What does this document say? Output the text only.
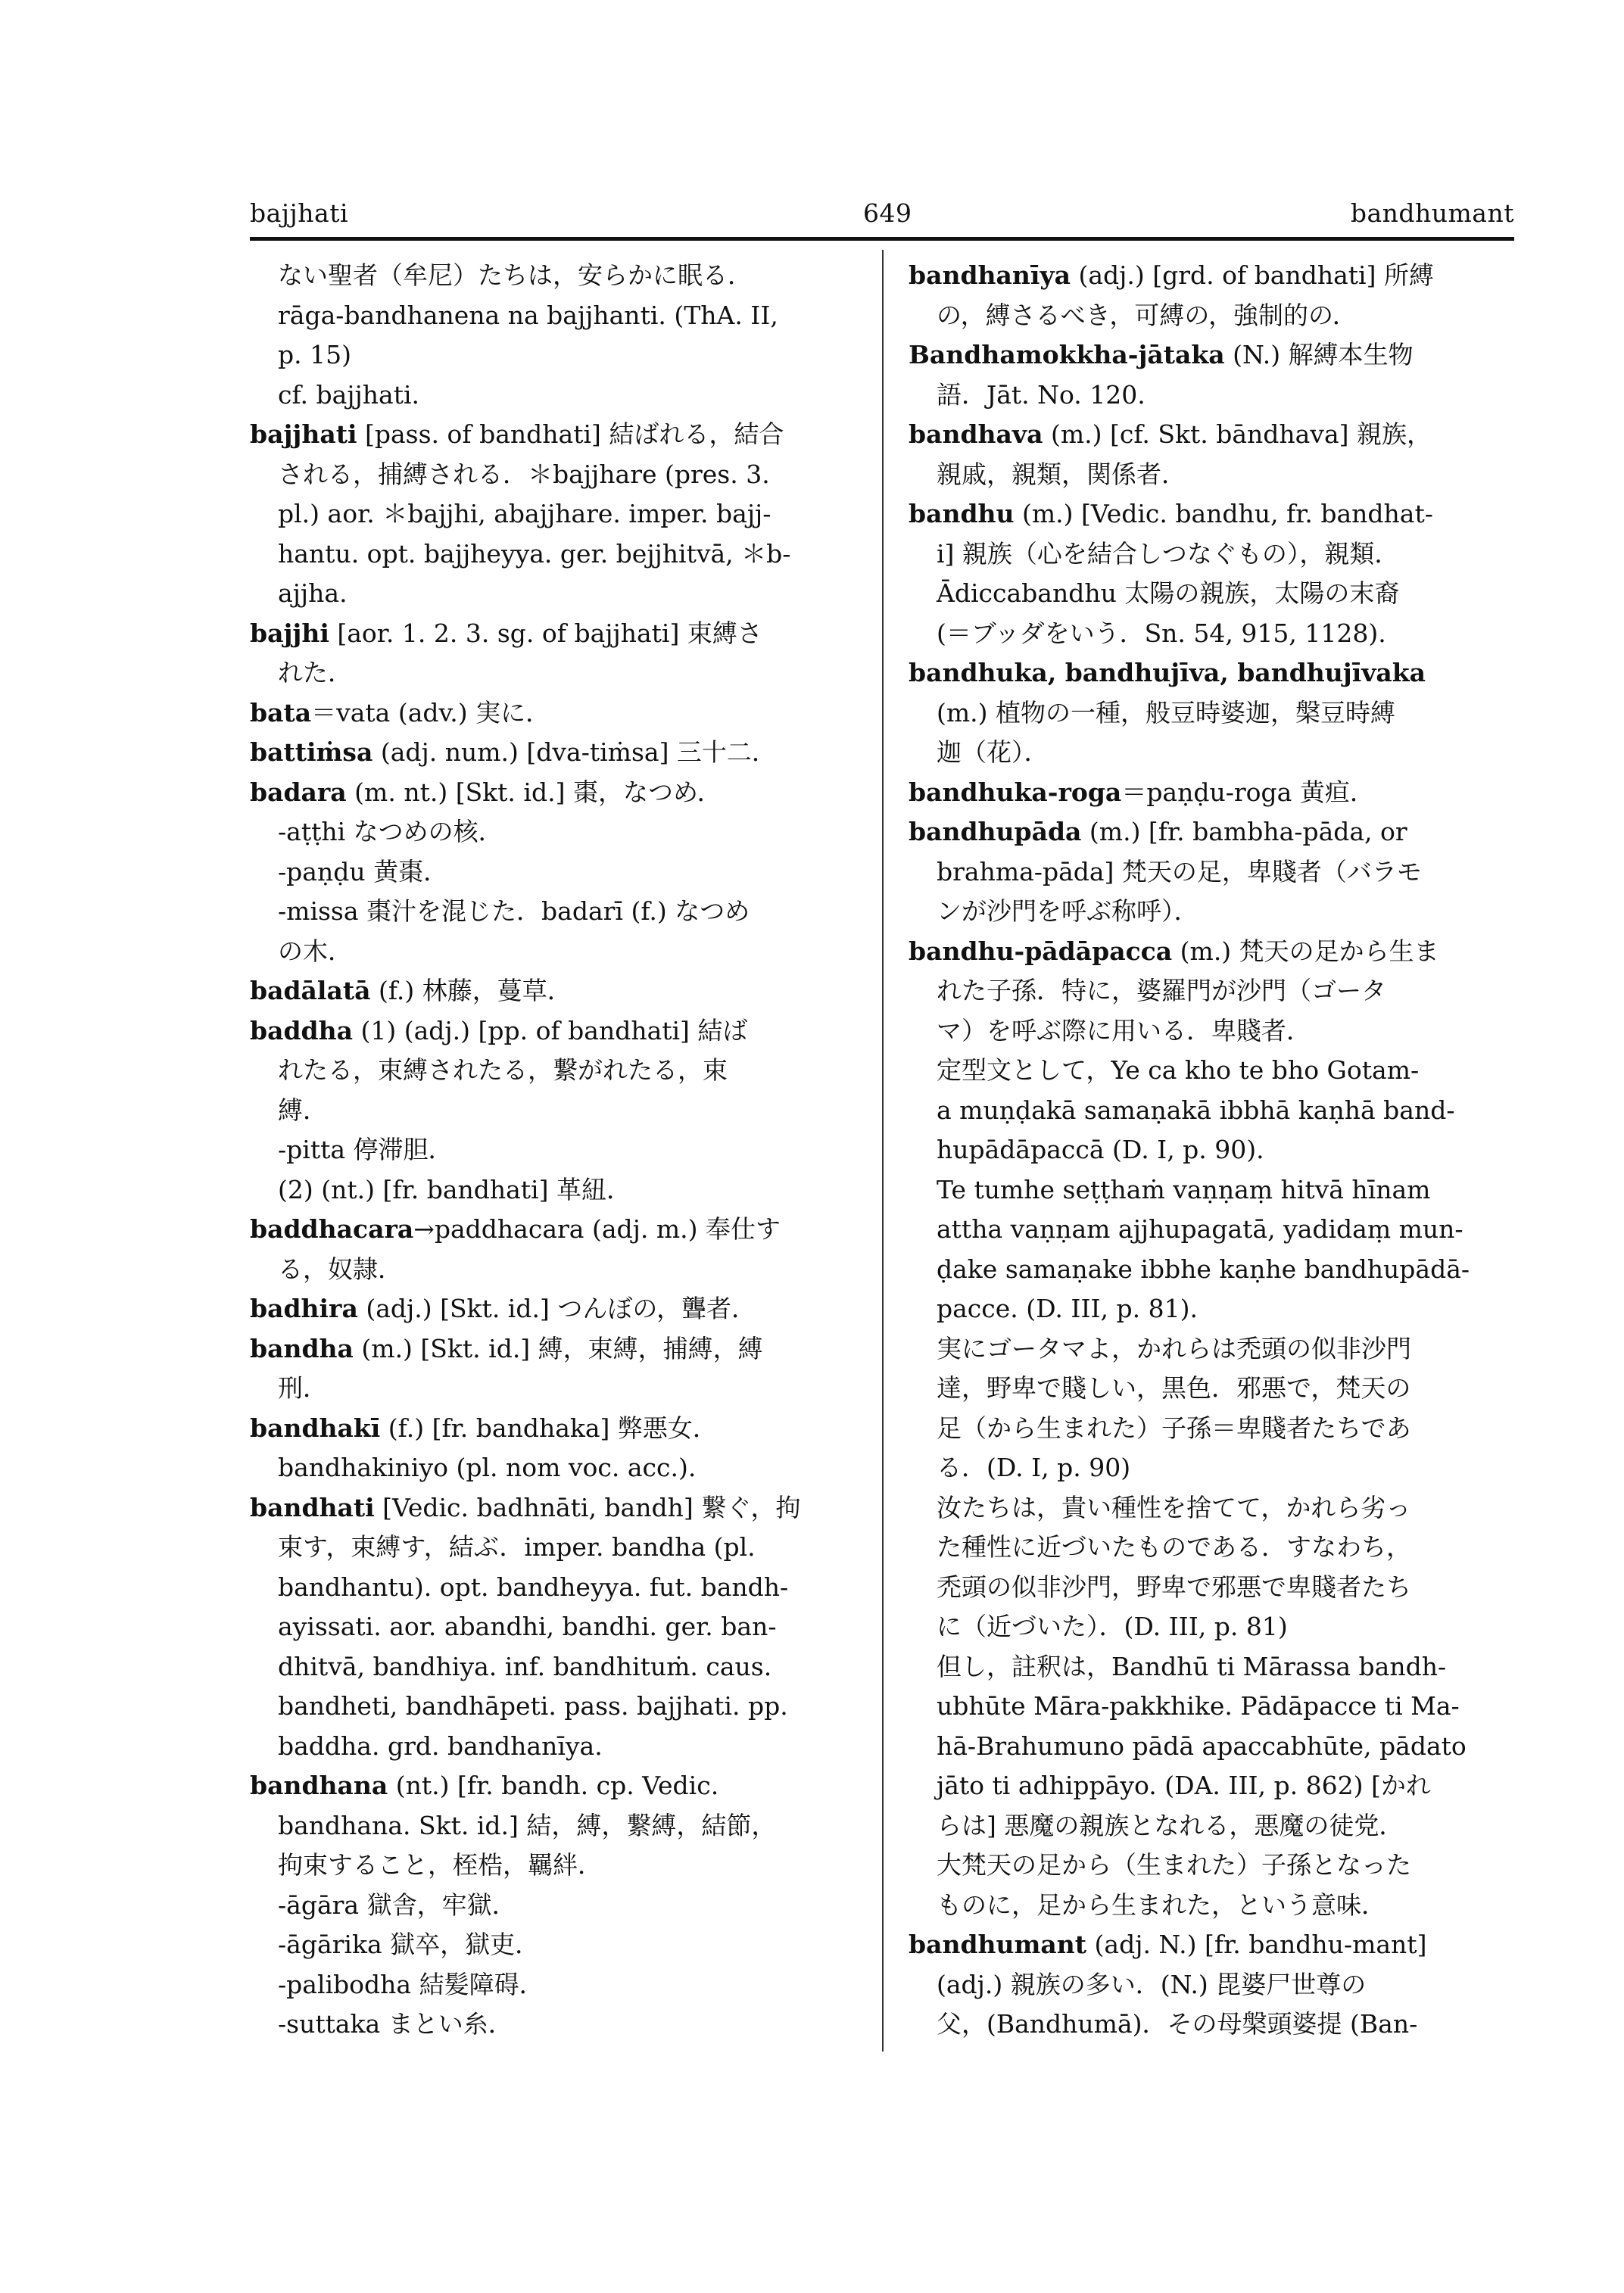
bajjhati	649	bandhumant
ない聖者（牟尼）たちは，安らかに眠る．
rāga-bandhanena na bajjhanti. (ThA. II,
p. 15)
cf. bajjhati.
bajjhati [pass. of bandhati] 結ばれる，結合
される，捕縛される．＊bajjhare (pres. 3.
pl.) aor. ＊bajjhi, abajjhare. imper. bajj-
hantu. opt. bajjheyya. ger. bejjhitvā, ＊b-
ajjha.
bajjhi [aor. 1. 2. 3. sg. of bajjhati] 束縛さ
れた．
bata＝vata (adv.) 実に．
battiṁsa (adj. num.) [dva-tiṁsa] 三十二．
badara (m. nt.) [Skt. id.] 棗，なつめ．
-aṭṭhi なつめの核．
-paṇḍu 黄棗．
-missa 棗汁を混じた．badarī (f.) なつめ
の木．
badālatā (f.) 林藤，蔓草．
baddha (1) (adj.) [pp. of bandhati] 結ば
れたる，束縛されたる，繋がれたる，束
縛．
-pitta 停滞胆．
(2) (nt.) [fr. bandhati] 革紐．
baddhacara→paddhacara (adj. m.) 奉仕す
る，奴隷．
badhira (adj.) [Skt. id.] つんぼの，聾者．
bandha (m.) [Skt. id.] 縛，束縛，捕縛，縛
刑．
bandhakī (f.) [fr. bandhaka] 弊悪女．
bandhakiniyo (pl. nom voc. acc.).
bandhati [Vedic. badhnāti, bandh] 繋ぐ，拘
束す，束縛す，結ぶ．imper. bandha (pl.
bandhantu). opt. bandheyya. fut. bandh-
ayissati. aor. abandhi, bandhi. ger. ban-
dhitvā, bandhiya. inf. bandhituṁ. caus.
bandheti, bandhāpeti. pass. bajjhati. pp.
baddha. grd. bandhanīya.
bandhana (nt.) [fr. bandh. cp. Vedic.
bandhana. Skt. id.] 結，縛，繋縛，結節，
拘束すること，桎梏，羈絆．
-āgāra 獄舎，牢獄．
-āgārika 獄卒，獄吏．
-palibodha 結髪障碍．
-suttaka まとい糸．
bandhanīya (adj.) [grd. of bandhati] 所縛
の，縛さるべき，可縛の，強制的の．
Bandhamokkha-jātaka (N.) 解縛本生物
語．Jāt. No. 120.
bandhava (m.) [cf. Skt. bāndhava] 親族，
親戚，親類，関係者．
bandhu (m.) [Vedic. bandhu, fr. bandhat-
i] 親族（心を結合しつなぐもの），親類．
Ādiccabandhu 太陽の親族，太陽の末裔
(＝ブッダをいう．Sn. 54, 915, 1128).
bandhuka, bandhujīva, bandhujīvaka
(m.) 植物の一種，般豆時婆迦，槃豆時縛
迦（花）．
bandhuka-roga＝paṇḍu-roga 黄疸．
bandhupāda (m.) [fr. bambha-pāda, or
brahma-pāda] 梵天の足，卑賤者（バラモ
ンが沙門を呼ぶ称呼）．
bandhu-pādāpacca (m.) 梵天の足から生ま
れた子孫．特に，婆羅門が沙門（ゴータ
マ）を呼ぶ際に用いる．卑賤者．
定型文として，Ye ca kho te bho Gotam-
a muṇḍakā samaṇakā ibbhā kaṇhā band-
hupādāpaccā (D. I, p. 90).
Te tumhe seṭṭhaṁ vaṇṇaṃ hitvā hīnam
attha vaṇṇam ajjhupagatā, yadidaṃ mun-
ḍake samaṇake ibbhe kaṇhe bandhupādā-
pacce. (D. III, p. 81).
実にゴータマよ，かれらは禿頭の似非沙門
達，野卑で賤しい，黒色．邪悪で，梵天の
足（から生まれた）子孫＝卑賤者たちであ
る．(D. I, p. 90)
汝たちは，貴い種性を捨てて，かれら劣っ
た種性に近づいたものである．すなわち，
禿頭の似非沙門，野卑で邪悪で卑賤者たち
に（近づいた）．(D. III, p. 81)
但し，註釈は，Bandhū ti Mārassa bandh-
ubhūte Māra-pakkhike. Pādāpacce ti Ma-
hā-Brahumuno pādā apaccabhūte, pādato
jāto ti adhippāyo. (DA. III, p. 862) [かれ
らは] 悪魔の親族となれる，悪魔の徒党．
大梵天の足から（生まれた）子孫となった
ものに，足から生まれた，という意味．
bandhumant (adj. N.) [fr. bandhu-mant]
(adj.) 親族の多い．(N.) 毘婆尸世尊の
父，(Bandhumā)．その母槃頭婆提 (Ban-
